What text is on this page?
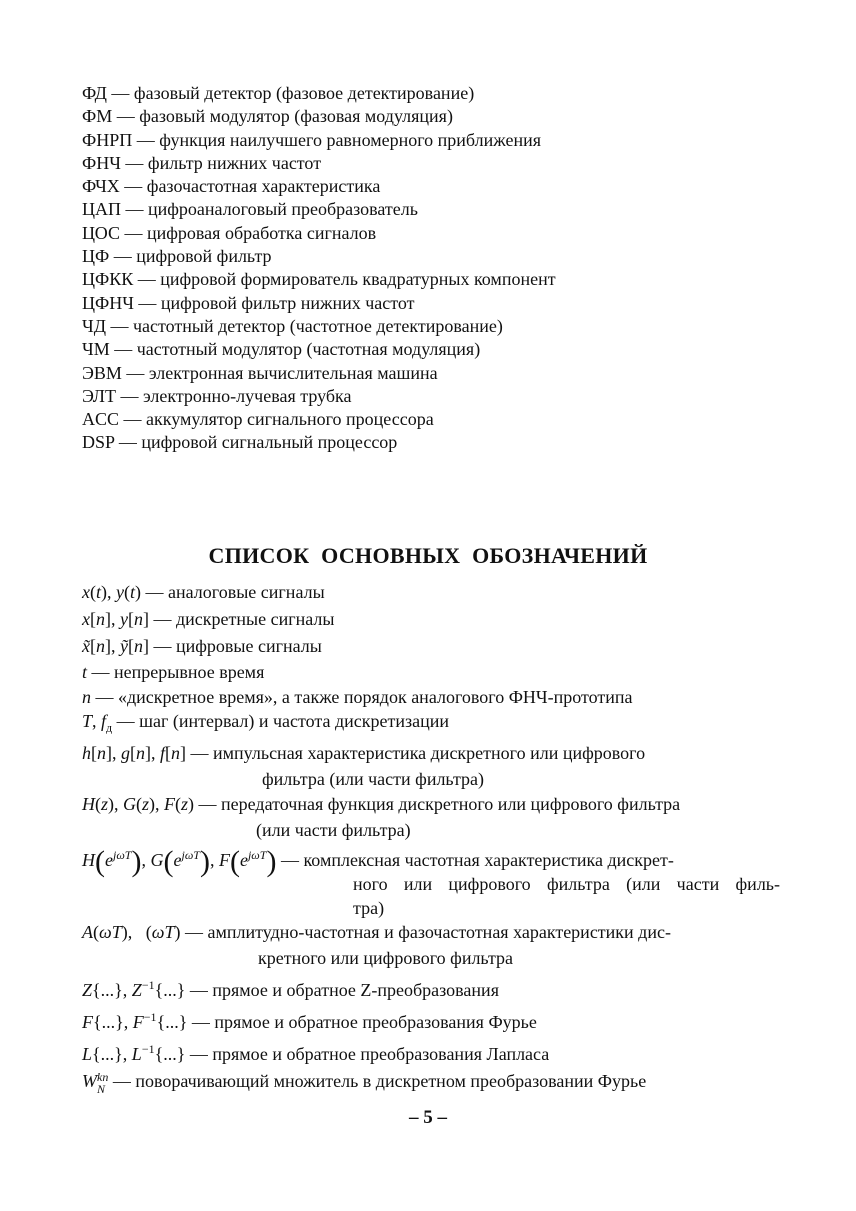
ФД — фазовый детектор (фазовое детектирование)
ФМ — фазовый модулятор (фазовая модуляция)
ФНРП — функция наилучшего равномерного приближения
ФНЧ — фильтр нижних частот
ФЧХ — фазочастотная характеристика
ЦАП — цифроаналоговый преобразователь
ЦОС — цифровая обработка сигналов
ЦФ — цифровой фильтр
ЦФКК — цифровой формирователь квадратурных компонент
ЦФНЧ — цифровой фильтр нижних частот
ЧД — частотный детектор (частотное детектирование)
ЧМ — частотный модулятор (частотная модуляция)
ЭВМ — электронная вычислительная машина
ЭЛТ — электронно-лучевая трубка
ACC — аккумулятор сигнального процессора
DSP — цифровой сигнальный процессор
СПИСОК ОСНОВНЫХ ОБОЗНАЧЕНИЙ
x(t), y(t) — аналоговые сигналы
x[n], y[n] — дискретные сигналы
x̃[n], ỹ[n] — цифровые сигналы
t — непрерывное время
n — «дискретное время», а также порядок аналогового ФНЧ-прототипа
T, $f_д$ — шаг (интервал) и частота дискретизации
h[n], g[n], f[n] — импульсная характеристика дискретного или цифрового
фильтра (или части фильтра)
H(z), G(z), F(z) — передаточная функция дискретного или цифрового фильтра
(или части фильтра)
$H(e^{j\omega T})$, $G(e^{j\omega T})$, $F(e^{j\omega T})$ — комплексная частотная характеристика дискрет-
ного или цифрового фильтра (или части филь-
тра)
A(ωT),   (ωT) — амплитудно-частотная и фазочастотная характеристики дис-
кретного или цифрового фильтра
Z{...}, $Z^{-1}\{...\}$ — прямое и обратное Z-преобразования
F{...}, $F^{-1}\{...\}$ — прямое и обратное преобразования Фурье
L{...}, $L^{-1}\{...\}$ — прямое и обратное преобразования Лапласа
W kn
N — поворачивающий множитель в дискретном преобразовании Фурье
– 5 –
